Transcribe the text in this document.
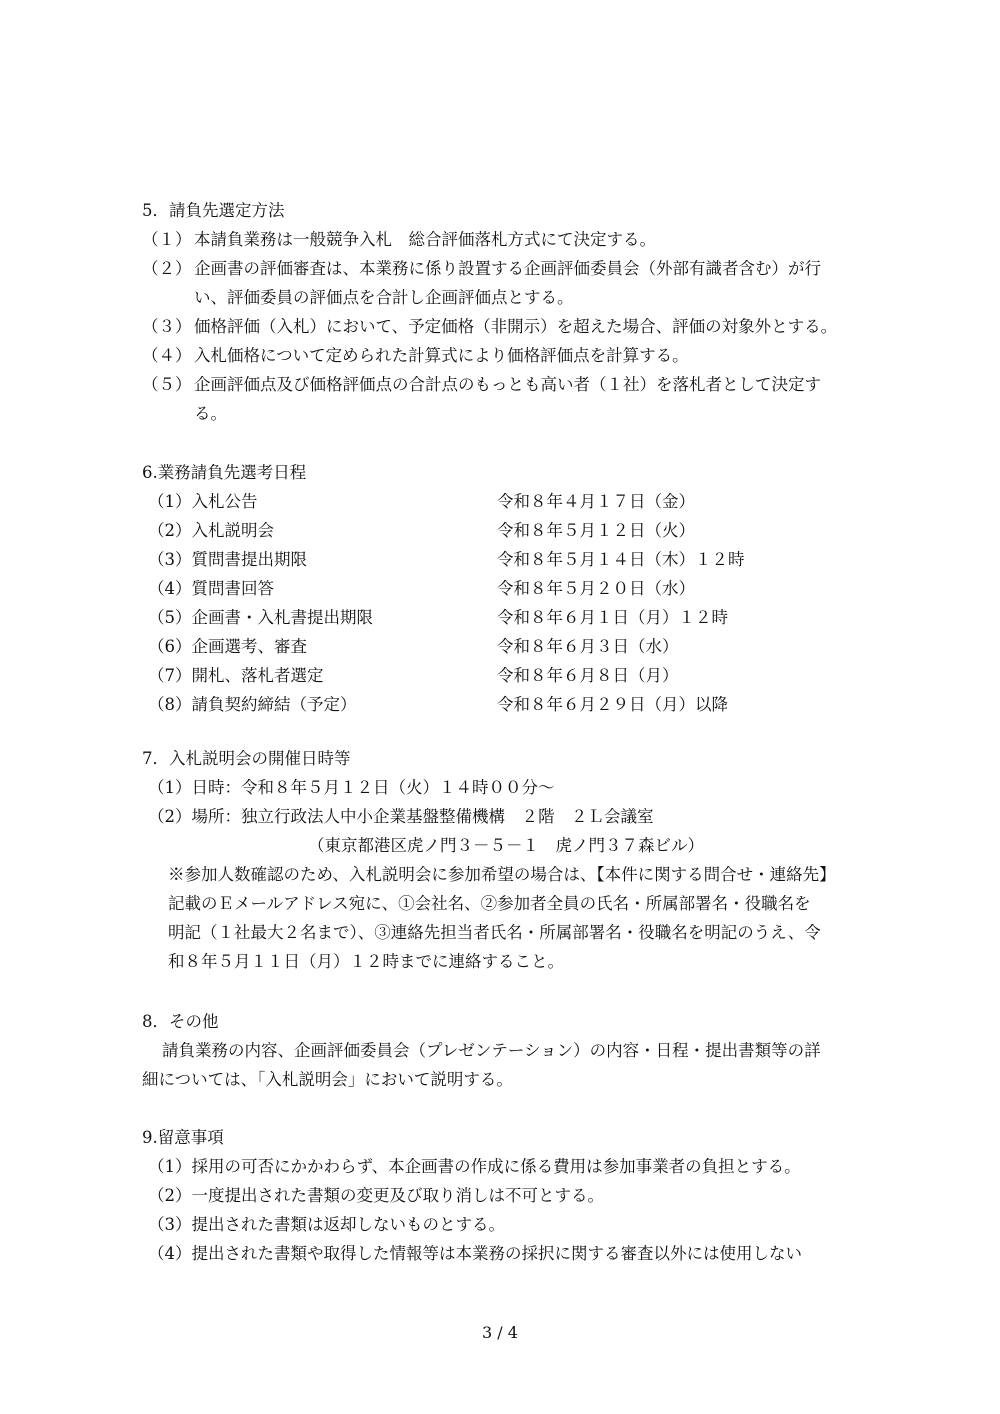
5．請負先選定方法
（１） 本請負業務は一般競争入札　総合評価落札方式にて決定する。
（２） 企画書の評価審査は、本業務に係り設置する企画評価委員会（外部有識者含む）が行
い、評価委員の評価点を合計し企画評価点とする。
（３） 価格評価（入札）において、予定価格（非開示）を超えた場合、評価の対象外とする。
（４） 入札価格について定められた計算式により価格評価点を計算する。
（５） 企画評価点及び価格評価点の合計点のもっとも高い者（１社）を落札者として決定す
る。
6.業務請負先選考日程
（1）入札公告	令和８年４月１７日（金）
（2）入札説明会	令和８年５月１２日（火）
（3）質問書提出期限	令和８年５月１４日（木）１２時
（4）質問書回答	令和８年５月２０日（水）
（5）企画書・入札書提出期限	令和８年６月１日（月）１２時
（6）企画選考、審査	令和８年６月３日（水）
（7）開札、落札者選定	令和８年６月８日（月）
（8）請負契約締結（予定）	令和８年６月２９日（月）以降
7．入札説明会の開催日時等
（1）日時：令和８年５月１２日（火）１４時００分～
（2）場所：独立行政法人中小企業基盤整備機構　２階　２Ｌ会議室
（東京都港区虎ノ門３－５－１　虎ノ門３７森ビル）
※参加人数確認のため、入札説明会に参加希望の場合は、【本件に関する問合せ・連絡先】
記載のＥメールアドレス宛に、①会社名、②参加者全員の氏名・所属部署名・役職名を
明記（１社最大２名まで）、③連絡先担当者氏名・所属部署名・役職名を明記のうえ、令
和８年５月１１日（月）１２時までに連絡すること。
8．その他
請負業務の内容、企画評価委員会（プレゼンテーション）の内容・日程・提出書類等の詳
細については、「入札説明会」において説明する。
9.留意事項
（1）採用の可否にかかわらず、本企画書の作成に係る費用は参加事業者の負担とする。
（2）一度提出された書類の変更及び取り消しは不可とする。
（3）提出された書類は返却しないものとする。
（4）提出された書類や取得した情報等は本業務の採択に関する審査以外には使用しない
3 / 4
